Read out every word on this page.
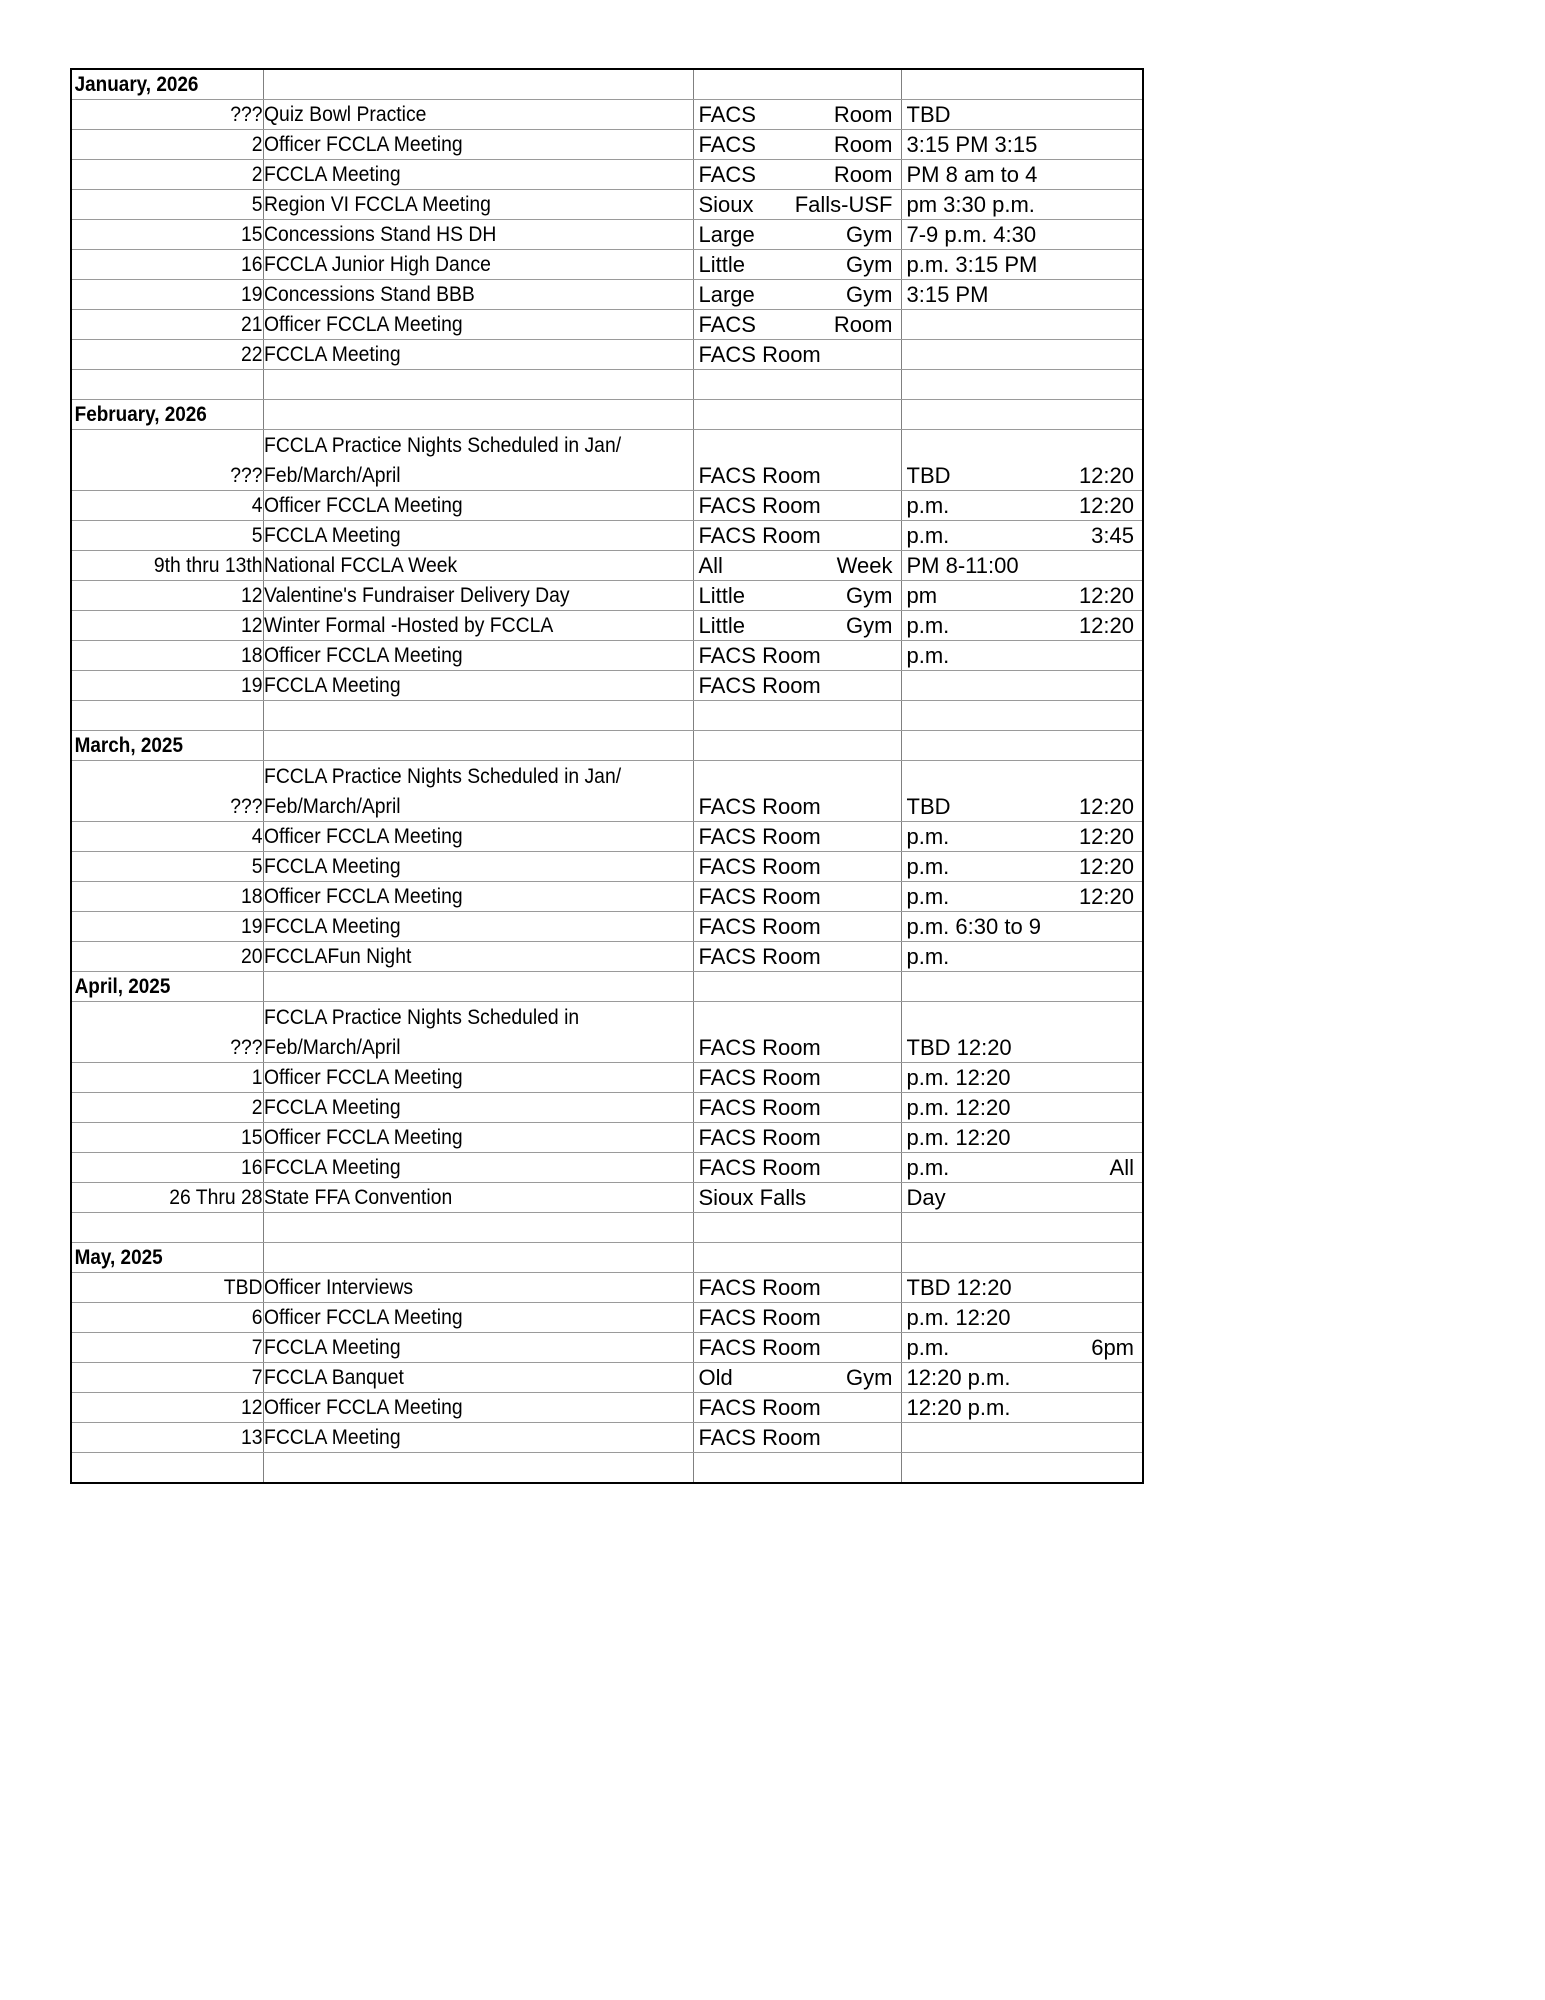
January, 2026			

???	Quiz Bowl Practice	FACS Room	TBD

2	Officer FCCLA Meeting	FACS Room	3:15 PM 3:15

2	FCCLA Meeting	FACS Room	PM 8 am to 4

5	Region VI FCCLA Meeting	Sioux Falls-USF	pm 3:30 p.m.

15	Concessions Stand HS DH	Large Gym	7-9 p.m. 4:30

16	FCCLA Junior High Dance	Little Gym	p.m. 3:15 PM

19	Concessions Stand BBB	Large Gym	3:15 PM

21	Officer FCCLA Meeting	FACS Room	

22	FCCLA Meeting	FACS Room	

February, 2026			

???	FCCLA Practice Nights Scheduled in Jan/ Feb/March/April	FACS Room	TBD 12:20

4	Officer FCCLA Meeting	FACS Room	p.m. 12:20

5	FCCLA Meeting	FACS Room	p.m. 3:45

9th thru 13th	National FCCLA Week	All Week	PM 8-11:00

12	Valentine's Fundraiser Delivery Day	Little Gym	pm 12:20

12	Winter Formal -Hosted by FCCLA	Little Gym	p.m. 12:20

18	Officer FCCLA Meeting	FACS Room	p.m.

19	FCCLA Meeting	FACS Room	

March, 2025			

???	FCCLA Practice Nights Scheduled in Jan/ Feb/March/April	FACS Room	TBD 12:20

4	Officer FCCLA Meeting	FACS Room	p.m. 12:20

5	FCCLA Meeting	FACS Room	p.m. 12:20

18	Officer FCCLA Meeting	FACS Room	p.m. 12:20

19	FCCLA Meeting	FACS Room	p.m. 6:30 to 9

20	FCCLAFun Night	FACS Room	p.m.

April, 2025			

???	FCCLA Practice Nights Scheduled in Feb/March/April	FACS Room	TBD 12:20

1	Officer FCCLA Meeting	FACS Room	p.m. 12:20

2	FCCLA Meeting	FACS Room	p.m. 12:20

15	Officer FCCLA Meeting	FACS Room	p.m. 12:20

16	FCCLA Meeting	FACS Room	p.m. All

26 Thru 28	State FFA Convention	Sioux Falls	Day

May, 2025			

TBD	Officer Interviews	FACS Room	TBD 12:20

6	Officer FCCLA Meeting	FACS Room	p.m. 12:20

7	FCCLA Meeting	FACS Room	p.m. 6pm

7	FCCLA Banquet	Old Gym	12:20 p.m.

12	Officer FCCLA Meeting	FACS Room	12:20 p.m.

13	FCCLA Meeting	FACS Room	
